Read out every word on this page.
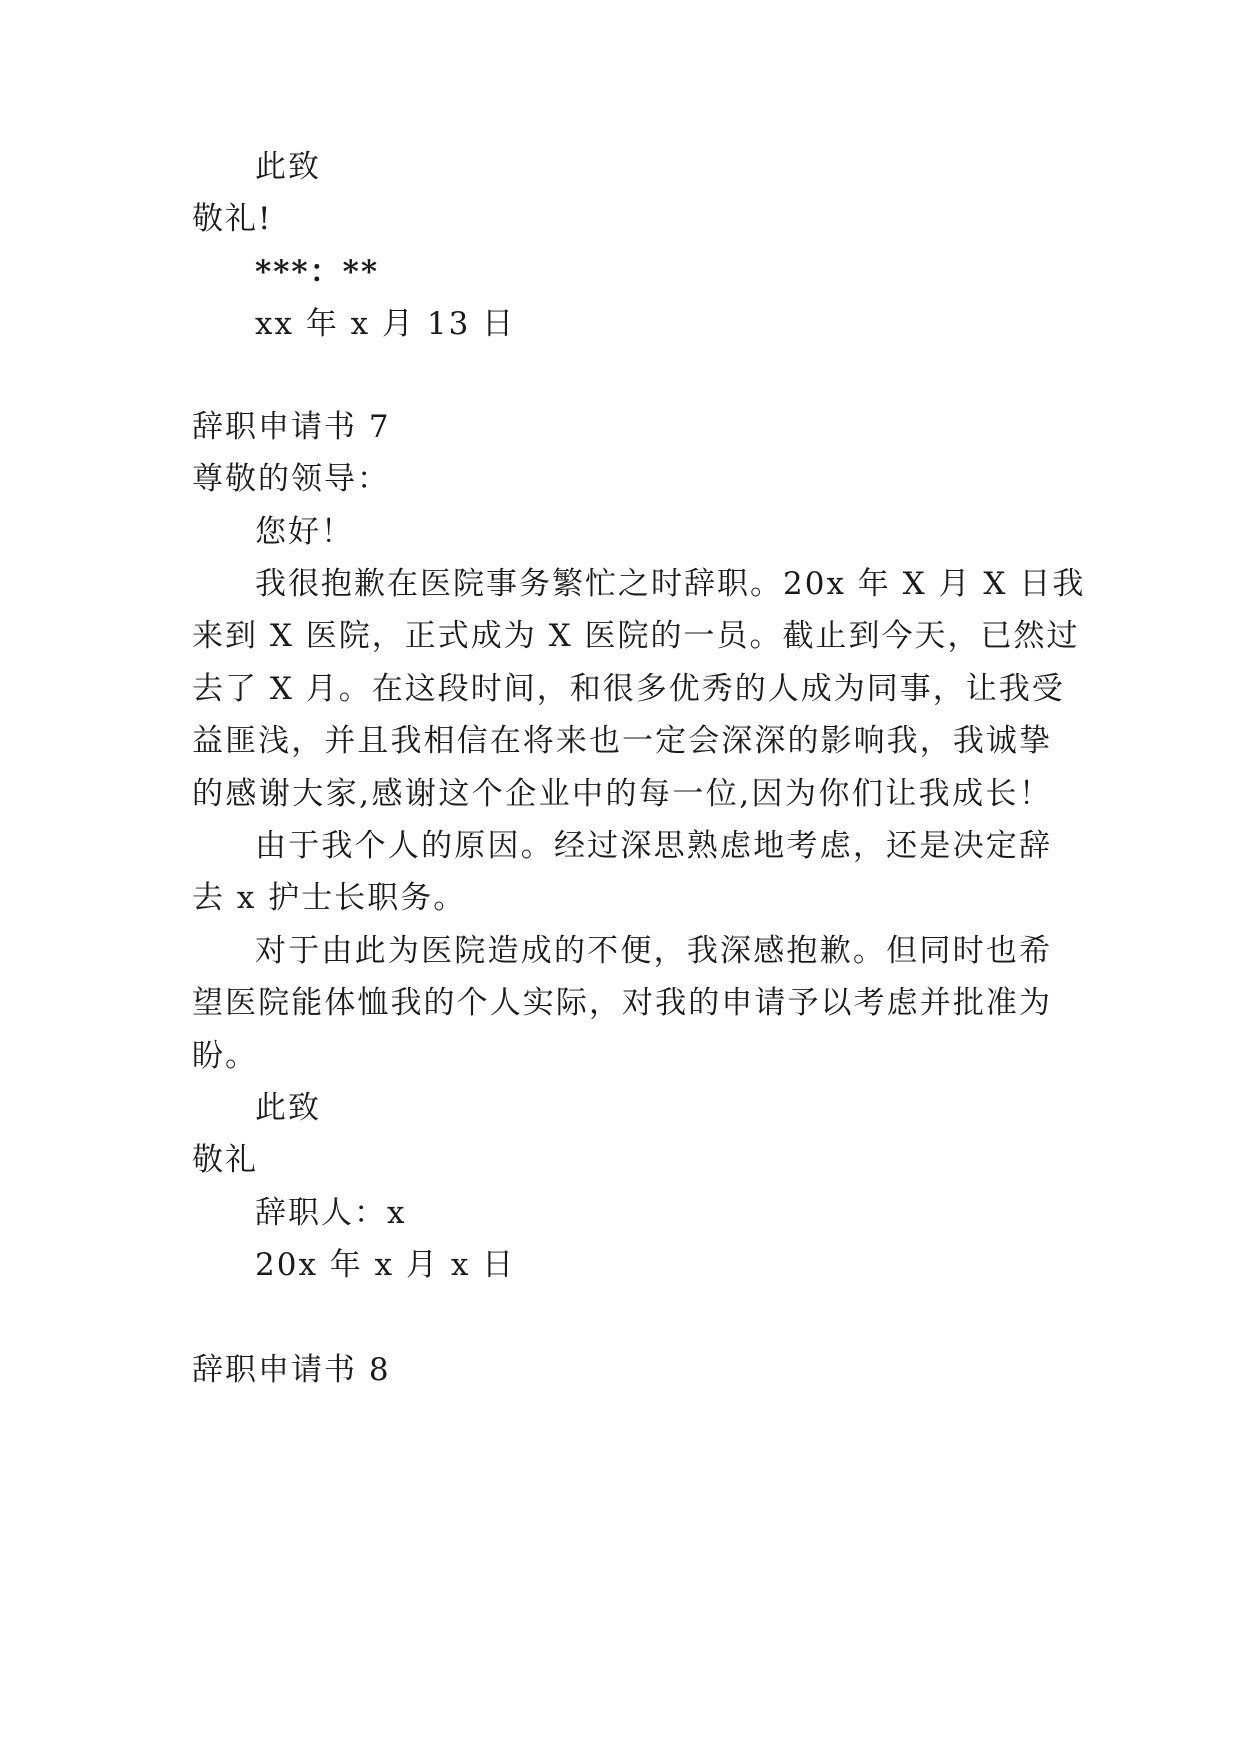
此致
敬礼!
***：**
xx 年 x 月 13 日
辞职申请书 7
尊敬的领导：
您好！
我很抱歉在医院事务繁忙之时辞职。20x 年 X 月 X 日我
来到 X 医院，正式成为 X 医院的一员。截止到今天，已然过
去了 X 月。在这段时间，和很多优秀的人成为同事，让我受
益匪浅，并且我相信在将来也一定会深深的影响我，我诚挚
的感谢大家,感谢这个企业中的每一位,因为你们让我成长！
由于我个人的原因。经过深思熟虑地考虑，还是决定辞
去 x 护士长职务。
对于由此为医院造成的不便，我深感抱歉。但同时也希
望医院能体恤我的个人实际，对我的申请予以考虑并批准为
盼。
此致
敬礼
辞职人：x
20x 年 x 月 x 日
辞职申请书 8
